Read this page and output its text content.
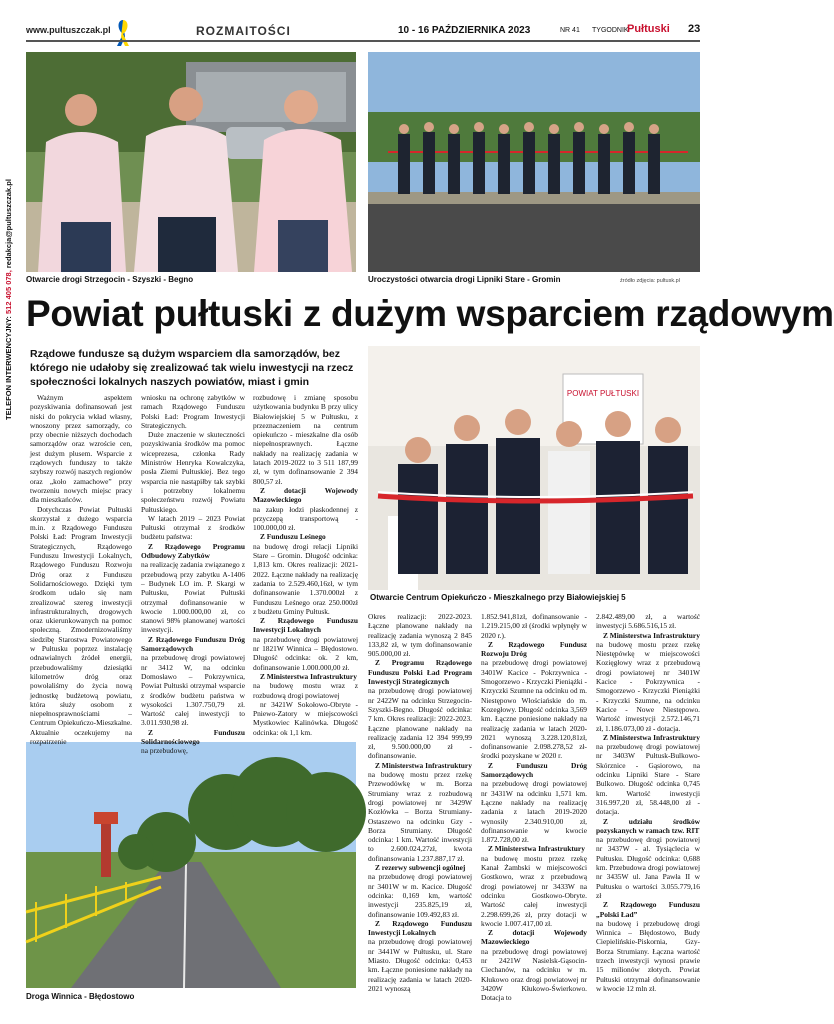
www.pultuszczak.pl	ROZMAITOŚCI	10 - 16 PAŹDZIERNIKA 2023	NR 41 TYGODNIK
Pułtuski 23
TELEFON INTERWENCYJNY: 512 405 078, redakcja@pultuszczak.pl
Otwarcie drogi Strzegocin - Szyszki - Begno	Uroczystości otwarcia drogi Lipniki Stare - Gromin	źródło zdjęcia: pultusk.pl
Powiat pułtuski z dużym wsparciem rządowym

Rządowe fundusze są dużym wsparciem dla samorządów, bez którego nie udałoby się zrealizować tak wielu inwestycji na rzecz społeczności lokalnych naszych powiatów, miast i gmin

POWIAT PUŁTUSKI
Otwarcie Centrum Opiekuńczo - Mieszkalnego przy Białowiejskiej 5
Droga Winnica - Błędostowo

Ważnym aspektem pozyskiwania dofinansowań jest niski do pokrycia wkład własny, wnoszony przez samorządy, co przy obecnie niższych dochodach samorządów oraz wzroście cen, jest dużym plusem. Wsparcie z rządowych funduszy to także szybszy rozwój naszych regionów oraz „koło zamachowe” przy tworzeniu nowych miejsc pracy dla mieszkańców.

Dotychczas Powiat Pułtuski skorzystał z dużego wsparcia m.in. z Rządowego Funduszu Polski Ład: Program Inwestycji Strategicznych, Rządowego Funduszu Inwestycji Lokalnych, Rządowego Funduszu Rozwoju Dróg oraz z Funduszu Solidarnościowego. Dzięki tym środkom udało się nam zrealizować szereg inwestycji infrastrukturalnych, drogowych oraz ukierunkowanych na pomoc społeczną. Zmodernizowaliśmy siedzibę Starostwa Powiatowego w Pułtusku poprzez instalację odnawialnych źródeł energii, przebudowaliśmy dziesiątki kilometrów dróg oraz powołaliśmy do życia nową jednostkę budżetową powiatu, która służy osobom z niepełnosprawnościami – Centrum Opiekuńczo-Mieszkalne. Aktualnie oczekujemy na rozpatrzenie

wniosku na ochronę zabytków w ramach Rządowego Funduszu Polski Ład: Program Inwestycji Strategicznych.

Duże znaczenie w skuteczności pozyskiwania środków ma pomoc wiceprezesa, członka Rady Ministrów Henryka Kowalczyka, posła Ziemi Pułtuskiej. Bez tego wsparcia nie nastąpiłby tak szybki i potrzebny lokalnemu społeczeństwu rozwój Powiatu Pułtuskiego.

W latach 2019 – 2023 Powiat Pułtuski otrzymał z środków budżetu państwa:

Z Rządowego Programu Odbudowy Zabytków

na realizację zadania związanego z przebudową przy zabytku A-1406 – Budynek LO im. P. Skargi w Pułtusku, Powiat Pułtuski otrzymał dofinansowanie w kwocie 1.000.000,00 zł, co stanowi 98% planowanej wartości inwestycji.

Z Rządowego Funduszu Dróg Samorządowych

na przebudowę drogi powiatowej nr 3412 W, na odcinku Domosławo – Pokrzywnica, Powiat Pułtuski otrzymał wsparcie z środków budżetu państwa w wysokości 1.307.750,79 zł. Wartość całej inwestycji to 3.011.930,98 zł.

Z Funduszu Solidarnościowego

na przebudowę,

rozbudowę i zmianę sposobu użytkowania budynku B przy ulicy Białowiejskiej 5 w Pułtusku, z przeznaczeniem na centrum opiekuńczo - mieszkalne dla osób niepełnosprawnych. Łączne nakłady na realizację zadania w latach 2019-2022 to 3 511 187,99 zł, w tym dofinansowanie 2 394 800,57 zł.

Z dotacji Wojewody Mazowieckiego

na zakup łodzi płaskodennej z przyczepą transportową - 100.000,00 zł.

Z Funduszu Leśnego

na budowę drogi relacji Lipniki Stare – Gromin. Długość odcinka: 1,813 km. Okres realizacji: 2021-2022. Łączne nakłady na realizację zadania to 2.529.460,16zł, w tym dofinansowanie 1.370.000zł z Funduszu Leśnego oraz 250.000zł z budżetu Gminy Pułtusk.

Z Rządowego Funduszu Inwestycji Lokalnych

na przebudowę drogi powiatowej nr 1821W Winnica – Błędostowo. Długość odcinka: ok. 2 km, dofinansowanie 1.000.000,00 zł.

Z Ministerstwa Infrastruktury

na budowę mostu wraz z rozbudową drogi powiatowej

nr 3421W Sokołowo-Obryte -Pniewo-Zatory w miejscowości Mystkowiec Kalinówka. Długość odcinka: ok 1,1 km.

Okres realizacji: 2022-2023. Łączne planowane nakłady na realizację zadania wynoszą 2 845 133,82 zł, w tym dofinansowanie 905.000,00 zł.

Z Programu Rządowego Funduszu Polski Ład Program Inwestycji Strategicznych

na przebudowę drogi powiatowej nr 2422W na odcinku Strzegocin- Szyszki-Begno. Długość odcinka: 7 km. Okres realizacji: 2022-2023. Łączne planowane nakłady na realizację zadania 12 394 999,99 zł, 9.500.000,00 zł -dofinansowanie.

Z Ministerstwa Infrastruktury

na budowę mostu przez rzekę Przewodówkę w m. Borza Strumiany wraz z rozbudową drogi powiatowej nr 3429W Kozłówka – Borza Strumiany- Ostaszewo na odcinku Gzy - Borza Strumiany. Długość odcinka: 1 km. Wartość inwestycji to 2.600.024,27zł, kwota dofinansowania 1.237.887,17 zł.

Z rezerwy subwencji ogólnej

na przebudowę drogi powiatowej nr 3401W w m. Kacice. Długość odcinka: 0,169 km, wartość inwestycji 235.825,19 zł, dofinansowanie 109.492,83 zł.

Z Rządowego Funduszu Inwestycji Lokalnych

na przebudowę drogi powiatowej nr 3441W w Pułtusku, ul. Stare Miasto. Długość odcinka: 0,453 km. Łączne poniesione nakłady na realizację zadania w latach 2020-2021 wynoszą

1.852.941,81zł, dofinansowanie - 1.219.215,00 zł (środki wpłynęły w 2020 r.).

Z Rządowego Fundusz Rozwoju Dróg

na przebudowę drogi powiatowej 3401W Kacice - Pokrzywnica - Smogorzewo - Krzyczki Pieniążki - Krzyczki Szumne na odcinku od m. Niestępowo Włościańskie do m. Kozegłowy. Długość odcinka 3,569 km. Łączne poniesione nakłady na realizację zadania w latach 2020-2021 wynoszą 3.228.120,81zł, dofinansowanie 2.098.278,52 zł- środki pozyskane w 2020 r.

Z Funduszu Dróg Samorządowych

na przebudowę drogi powiatowej nr 3431W na odcinku 1,571 km. Łączne nakłady na realizację zadania z latach 2019-2020 wynosiły 2.340.910,00 zł, dofinansowanie w kwocie 1.872.728,00 zł.

Z Ministerstwa Infrastruktury

na budowę mostu przez rzekę Kanał Żambski w miejscowości Gostkowo, wraz z przebudową drogi powiatowej nr 3433W na odcinku Gostkowo-Obryte. Wartość całej inwestycji 2.298.699,26 zł, przy dotacji w kwocie 1.007.417,00 zł.

Z dotacji Wojewody Mazowieckiego

na przebudowę drogi powiatowej nr 2421W Nasielsk-Gąsocin-Ciechanów, na odcinku w m. Kłukowo oraz drogi powiatowej nr 3420W Kłukowo-Świerkowo. Dotacja to

2.842.489,00 zł, a wartość inwestycji 5.686.516,15 zł.

Z Ministerstwa Infrastruktury

na budowę mostu przez rzekę Niestępówkę w miejscowości Kozięgłowy wraz z przebudową drogi powiatowej nr 3401W Kacice - Pokrzywnica - Smogorzewo - Krzyczki Pieniążki - Krzyczki Szumne, na odcinku Kacice - Nowe Niestępowo. Wartość inwestycji 2.572.146,71 zł, 1.186.073,00 zł - dotacja.

Z Ministerstwa Infrastruktury

na przebudowę drogi powiatowej nr 3403W Pułtusk-Bulkowo-Skórznice - Gąsiorowo, na odcinku Lipniki Stare - Stare Bulkowo. Długość odcinka 0,745 km. Wartość inwestycji 316.997,20 zł, 58.448,00 zł - dotacja.

Z udziału środków pozyskanych w ramach tzw. RIT

na przebudowę drogi powiatowej nr 3437W - al. Tysiąclecia w Pułtusku. Długość odcinka: 0,688 km. Przebudowa drogi powiatowej nr 3435W ul. Jana Pawła II w Pułtusku o wartości 3.055.779,16 zł

Z Rządowego Funduszu „Polski Ład”

na budowę i przebudowę drogi Winnica – Błędostowo, Budy Ciepielińskie-Piskornia, Gzy-Borza Strumiany. Łączna wartość trzech inwestycji wynosi prawie 15 milionów złotych. Powiat Pułtuski otrzymał dofinansowanie w kwocie 12 mln zł.
